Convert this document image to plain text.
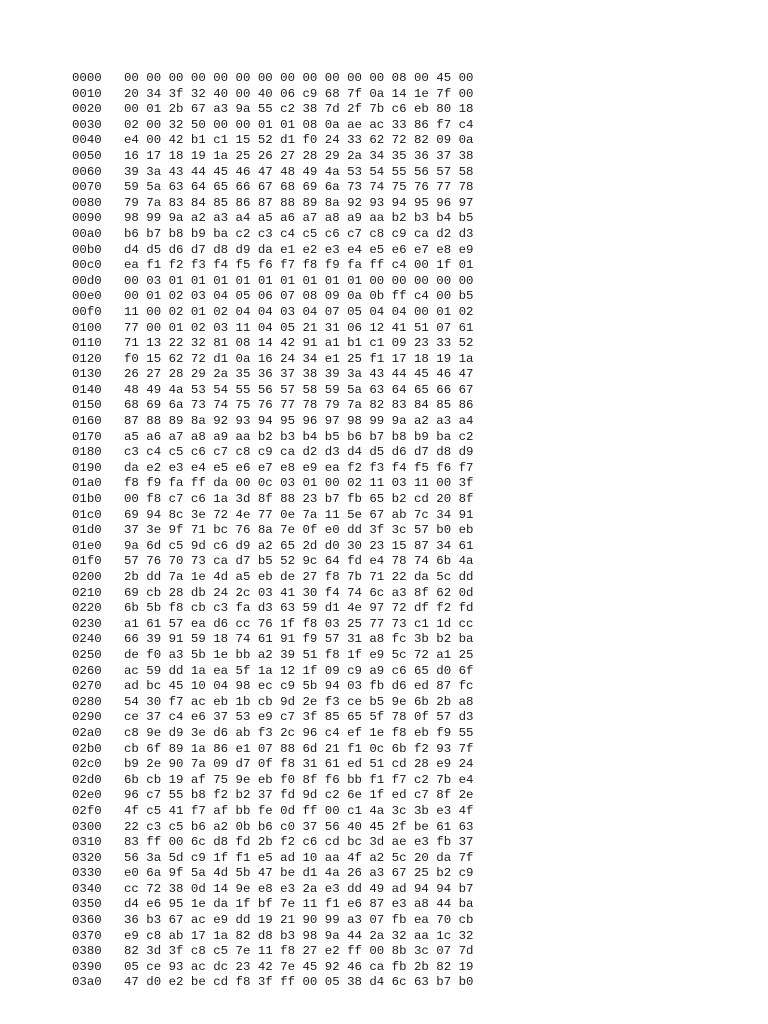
0000 00 00 00 00 00 00 00 00 00 00 00 00 08 00 45 00
0010 20 34 3f 32 40 00 40 06 c9 68 7f 0a 14 1e 7f 00
0020 00 01 2b 67 a3 9a 55 c2 38 7d 2f 7b c6 eb 80 18
0030 02 00 32 50 00 00 01 01 08 0a ae ac 33 86 f7 c4
0040 e4 00 42 b1 c1 15 52 d1 f0 24 33 62 72 82 09 0a
0050 16 17 18 19 1a 25 26 27 28 29 2a 34 35 36 37 38
0060 39 3a 43 44 45 46 47 48 49 4a 53 54 55 56 57 58
0070 59 5a 63 64 65 66 67 68 69 6a 73 74 75 76 77 78
0080 79 7a 83 84 85 86 87 88 89 8a 92 93 94 95 96 97
0090 98 99 9a a2 a3 a4 a5 a6 a7 a8 a9 aa b2 b3 b4 b5
00a0 b6 b7 b8 b9 ba c2 c3 c4 c5 c6 c7 c8 c9 ca d2 d3
00b0 d4 d5 d6 d7 d8 d9 da e1 e2 e3 e4 e5 e6 e7 e8 e9
00c0 ea f1 f2 f3 f4 f5 f6 f7 f8 f9 fa ff c4 00 1f 01
00d0 00 03 01 01 01 01 01 01 01 01 01 00 00 00 00 00
00e0 00 01 02 03 04 05 06 07 08 09 0a 0b ff c4 00 b5
00f0 11 00 02 01 02 04 04 03 04 07 05 04 04 00 01 02
0100 77 00 01 02 03 11 04 05 21 31 06 12 41 51 07 61
0110 71 13 22 32 81 08 14 42 91 a1 b1 c1 09 23 33 52
0120 f0 15 62 72 d1 0a 16 24 34 e1 25 f1 17 18 19 1a
0130 26 27 28 29 2a 35 36 37 38 39 3a 43 44 45 46 47
0140 48 49 4a 53 54 55 56 57 58 59 5a 63 64 65 66 67
0150 68 69 6a 73 74 75 76 77 78 79 7a 82 83 84 85 86
0160 87 88 89 8a 92 93 94 95 96 97 98 99 9a a2 a3 a4
0170 a5 a6 a7 a8 a9 aa b2 b3 b4 b5 b6 b7 b8 b9 ba c2
0180 c3 c4 c5 c6 c7 c8 c9 ca d2 d3 d4 d5 d6 d7 d8 d9
0190 da e2 e3 e4 e5 e6 e7 e8 e9 ea f2 f3 f4 f5 f6 f7
01a0 f8 f9 fa ff da 00 0c 03 01 00 02 11 03 11 00 3f
01b0 00 f8 c7 c6 1a 3d 8f 88 23 b7 fb 65 b2 cd 20 8f
01c0 69 94 8c 3e 72 4e 77 0e 7a 11 5e 67 ab 7c 34 91
01d0 37 3e 9f 71 bc 76 8a 7e 0f e0 dd 3f 3c 57 b0 eb
01e0 9a 6d c5 9d c6 d9 a2 65 2d d0 30 23 15 87 34 61
01f0 57 76 70 73 ca d7 b5 52 9c 64 fd e4 78 74 6b 4a
0200 2b dd 7a 1e 4d a5 eb de 27 f8 7b 71 22 da 5c dd
0210 69 cb 28 db 24 2c 03 41 30 f4 74 6c a3 8f 62 0d
0220 6b 5b f8 cb c3 fa d3 63 59 d1 4e 97 72 df f2 fd
0230 a1 61 57 ea d6 cc 76 1f f8 03 25 77 73 c1 1d cc
0240 66 39 91 59 18 74 61 91 f9 57 31 a8 fc 3b b2 ba
0250 de f0 a3 5b 1e bb a2 39 51 f8 1f e9 5c 72 a1 25
0260 ac 59 dd 1a ea 5f 1a 12 1f 09 c9 a9 c6 65 d0 6f
0270 ad bc 45 10 04 98 ec c9 5b 94 03 fb d6 ed 87 fc
0280 54 30 f7 ac eb 1b cb 9d 2e f3 ce b5 9e 6b 2b a8
0290 ce 37 c4 e6 37 53 e9 c7 3f 85 65 5f 78 0f 57 d3
02a0 c8 9e d9 3e d6 ab f3 2c 96 c4 ef 1e f8 eb f9 55
02b0 cb 6f 89 1a 86 e1 07 88 6d 21 f1 0c 6b f2 93 7f
02c0 b9 2e 90 7a 09 d7 0f f8 31 61 ed 51 cd 28 e9 24
02d0 6b cb 19 af 75 9e eb f0 8f f6 bb f1 f7 c2 7b e4
02e0 96 c7 55 b8 f2 b2 37 fd 9d c2 6e 1f ed c7 8f 2e
02f0 4f c5 41 f7 af bb fe 0d ff 00 c1 4a 3c 3b e3 4f
0300 22 c3 c5 b6 a2 0b b6 c0 37 56 40 45 2f be 61 63
0310 83 ff 00 6c d8 fd 2b f2 c6 cd bc 3d ae e3 fb 37
0320 56 3a 5d c9 1f f1 e5 ad 10 aa 4f a2 5c 20 da 7f
0330 e0 6a 9f 5a 4d 5b 47 be d1 4a 26 a3 67 25 b2 c9
0340 cc 72 38 0d 14 9e e8 e3 2a e3 dd 49 ad 94 94 b7
0350 d4 e6 95 1e da 1f bf 7e 11 f1 e6 87 e3 a8 44 ba
0360 36 b3 67 ac e9 dd 19 21 90 99 a3 07 fb ea 70 cb
0370 e9 c8 ab 17 1a 82 d8 b3 98 9a 44 2a 32 aa 1c 32
0380 82 3d 3f c8 c5 7e 11 f8 27 e2 ff 00 8b 3c 07 7d
0390 05 ce 93 ac dc 23 42 7e 45 92 46 ca fb 2b 82 19
03a0 47 d0 e2 be cd f8 3f ff 00 05 38 d4 6c 63 b7 b0
